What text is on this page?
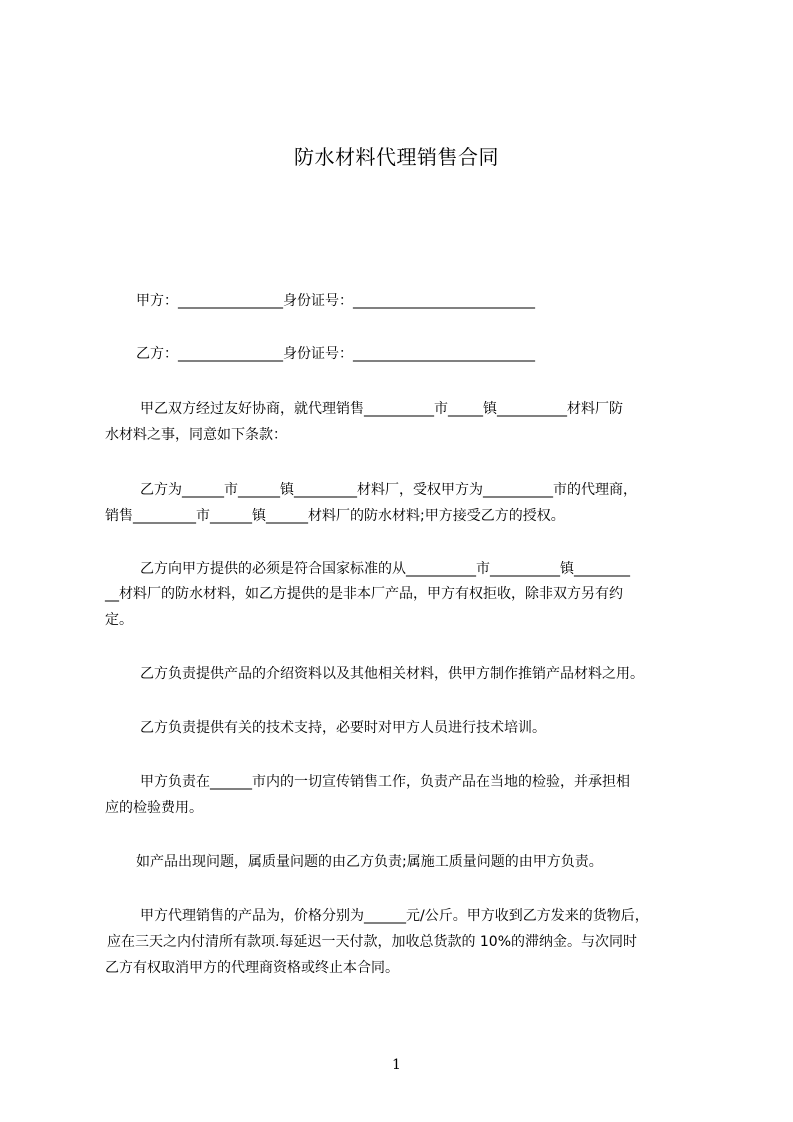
防水材料代理销售合同
甲方：_______________身份证号：__________________________
乙方：_______________身份证号：__________________________
甲乙双方经过友好协商，就代理销售__________市_____镇__________材料厂防
水材料之事，同意如下条款：
乙方为______市______镇_________材料厂，受权甲方为__________市的代理商，
销售_________市______镇______材料厂的防水材料;甲方接受乙方的授权。
乙方向甲方提供的必须是符合国家标准的从__________市__________镇________
__材料厂的防水材料，如乙方提供的是非本厂产品，甲方有权拒收，除非双方另有约
定。
乙方负责提供产品的介绍资料以及其他相关材料，供甲方制作推销产品材料之用。
乙方负责提供有关的技术支持，必要时对甲方人员进行技术培训。
甲方负责在______市内的一切宣传销售工作，负责产品在当地的检验，并承担相
应的检验费用。
如产品出现问题，属质量问题的由乙方负责;属施工质量问题的由甲方负责。
甲方代理销售的产品为，价格分别为______元/公斤。甲方收到乙方发来的货物后，
应在三天之内付清所有款项.每延迟一天付款，加收总货款的 10%的滞纳金。与次同时
乙方有权取消甲方的代理商资格或终止本合同。
1
